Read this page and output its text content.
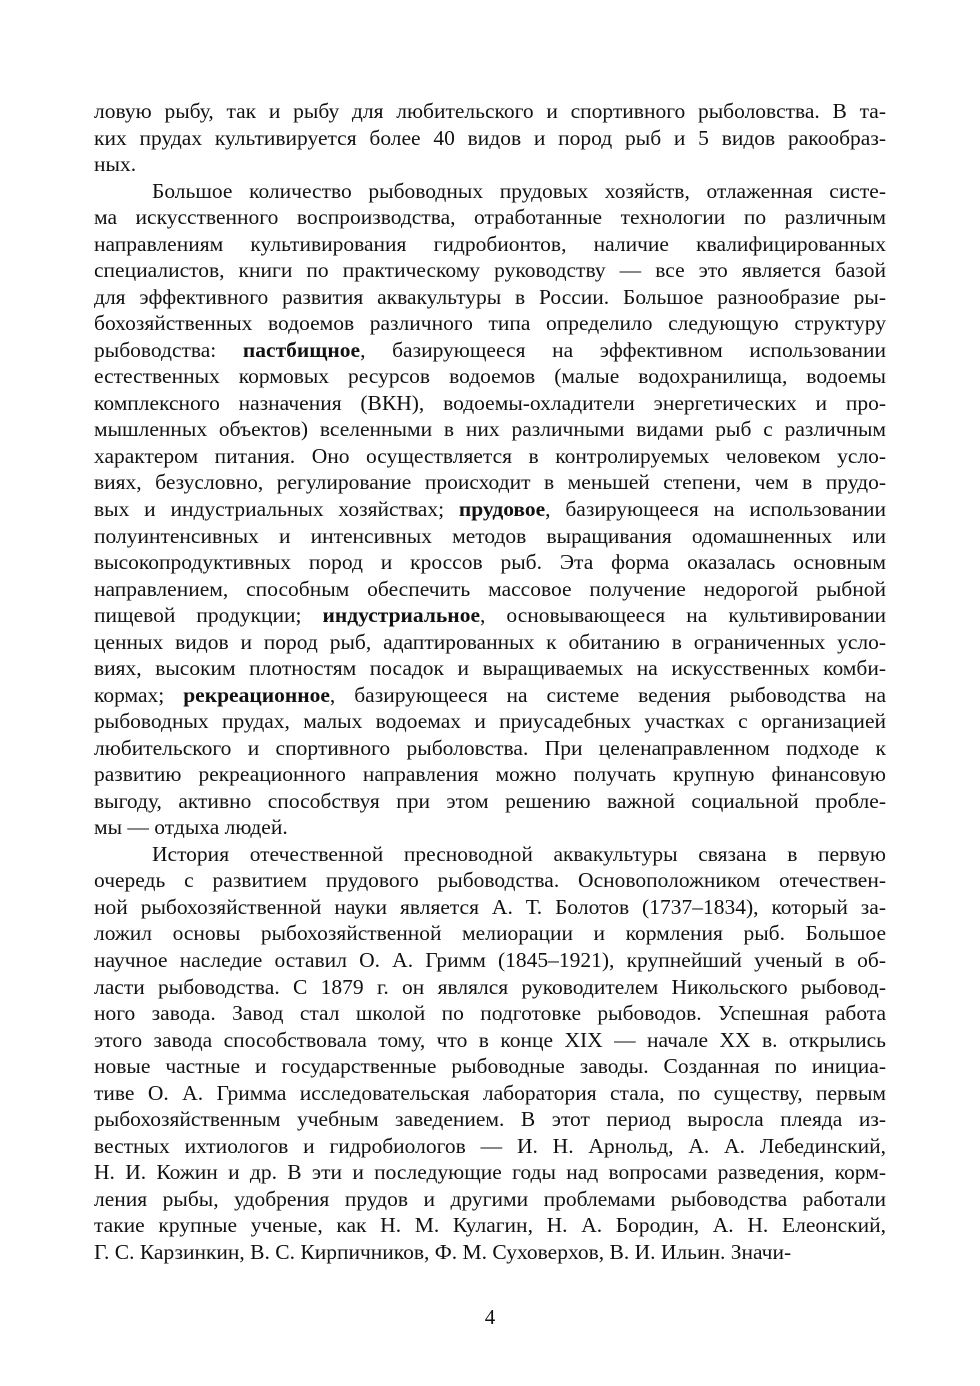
ловую рыбу, так и рыбу для любительского и спортивного рыболовства. В та-
ких прудах культивируется более 40 видов и пород рыб и 5 видов ракообраз-
ных.
Большое количество рыбоводных прудовых хозяйств, отлаженная систе-
ма искусственного воспроизводства, отработанные технологии по различным
направлениям культивирования гидробионтов, наличие квалифицированных
специалистов, книги по практическому руководству — все это является базой
для эффективного развития аквакультуры в России. Большое разнообразие ры-
бохозяйственных водоемов различного типа определило следующую структуру
рыбоводства: пастбищное, базирующееся на эффективном использовании
естественных кормовых ресурсов водоемов (малые водохранилища, водоемы
комплексного назначения (ВКН), водоемы-охладители энергетических и про-
мышленных объектов) вселенными в них различными видами рыб с различным
характером питания. Оно осуществляется в контролируемых человеком усло-
виях, безусловно, регулирование происходит в меньшей степени, чем в прудо-
вых и индустриальных хозяйствах; прудовое, базирующееся на использовании
полуинтенсивных и интенсивных методов выращивания одомашненных или
высокопродуктивных пород и кроссов рыб. Эта форма оказалась основным
направлением, способным обеспечить массовое получение недорогой рыбной
пищевой продукции; индустриальное, основывающееся на культивировании
ценных видов и пород рыб, адаптированных к обитанию в ограниченных усло-
виях, высоким плотностям посадок и выращиваемых на искусственных комби-
кормах; рекреационное, базирующееся на системе ведения рыбоводства на
рыбоводных прудах, малых водоемах и приусадебных участках с организацией
любительского и спортивного рыболовства. При целенаправленном подходе к
развитию рекреационного направления можно получать крупную финансовую
выгоду, активно способствуя при этом решению важной социальной пробле-
мы — отдыха людей.
История отечественной пресноводной аквакультуры связана в первую
очередь с развитием прудового рыбоводства. Основоположником отечествен-
ной рыбохозяйственной науки является А. Т. Болотов (1737–1834), который за-
ложил основы рыбохозяйственной мелиорации и кормления рыб. Большое
научное наследие оставил О. А. Гримм (1845–1921), крупнейший ученый в об-
ласти рыбоводства. С 1879 г. он являлся руководителем Никольского рыбовод-
ного завода. Завод стал школой по подготовке рыбоводов. Успешная работа
этого завода способствовала тому, что в конце XIX — начале XX в. открылись
новые частные и государственные рыбоводные заводы. Созданная по инициа-
тиве О. А. Гримма исследовательская лаборатория стала, по существу, первым
рыбохозяйственным учебным заведением. В этот период выросла плеяда из-
вестных ихтиологов и гидробиологов — И. Н. Арнольд, А. А. Лебединский,
Н. И. Кожин и др. В эти и последующие годы над вопросами разведения, корм-
ления рыбы, удобрения прудов и другими проблемами рыбоводства работали
такие крупные ученые, как Н. М. Кулагин, Н. А. Бородин, А. Н. Елеонский,
Г. С. Карзинкин, В. С. Кирпичников, Ф. М. Суховерхов, В. И. Ильин. Значи-
4
